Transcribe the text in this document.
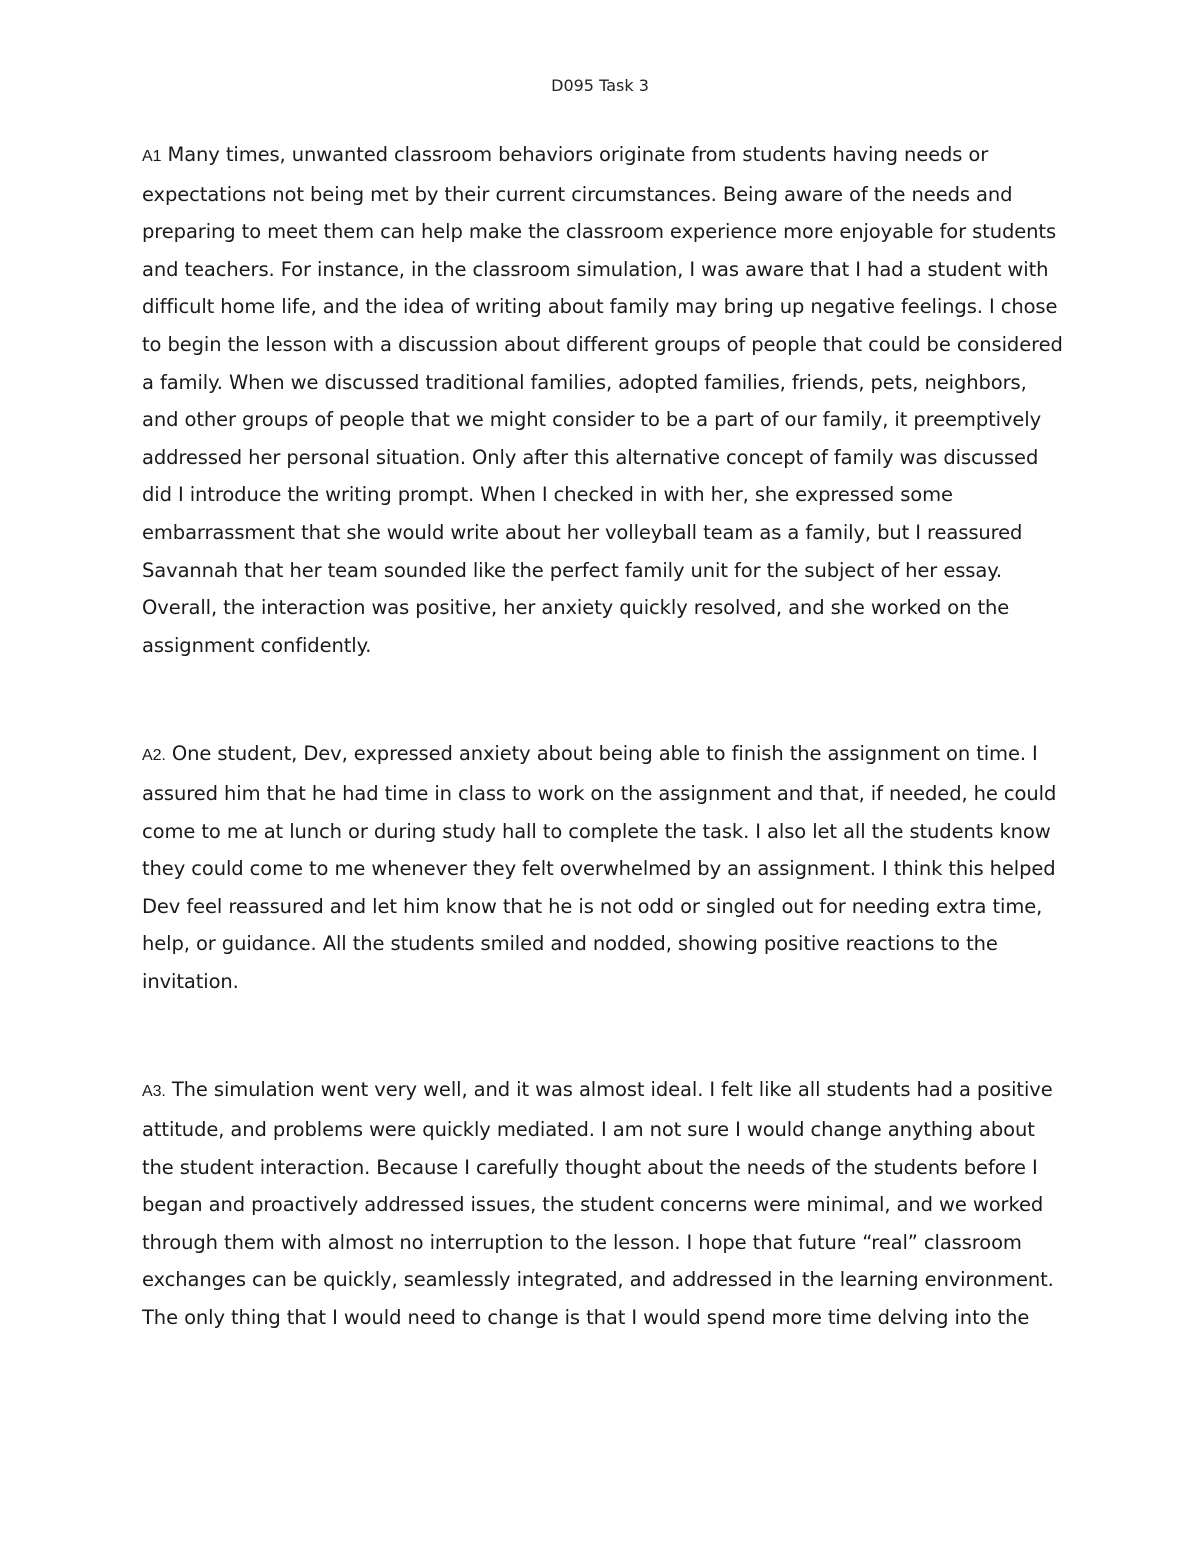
D095 Task 3

A1 Many times, unwanted classroom behaviors originate from students having needs or expectations not being met by their current circumstances. Being aware of the needs and preparing to meet them can help make the classroom experience more enjoyable for students and teachers. For instance, in the classroom simulation, I was aware that I had a student with difficult home life, and the idea of writing about family may bring up negative feelings. I chose to begin the lesson with a discussion about different groups of people that could be considered a family. When we discussed traditional families, adopted families, friends, pets, neighbors, and other groups of people that we might consider to be a part of our family, it preemptively addressed her personal situation. Only after this alternative concept of family was discussed did I introduce the writing prompt. When I checked in with her, she expressed some embarrassment that she would write about her volleyball team as a family, but I reassured Savannah that her team sounded like the perfect family unit for the subject of her essay. Overall, the interaction was positive, her anxiety quickly resolved, and she worked on the assignment confidently.

A2. One student, Dev, expressed anxiety about being able to finish the assignment on time. I assured him that he had time in class to work on the assignment and that, if needed, he could come to me at lunch or during study hall to complete the task. I also let all the students know they could come to me whenever they felt overwhelmed by an assignment. I think this helped Dev feel reassured and let him know that he is not odd or singled out for needing extra time, help, or guidance. All the students smiled and nodded, showing positive reactions to the invitation.

A3. The simulation went very well, and it was almost ideal. I felt like all students had a positive attitude, and problems were quickly mediated. I am not sure I would change anything about the student interaction. Because I carefully thought about the needs of the students before I began and proactively addressed issues, the student concerns were minimal, and we worked through them with almost no interruption to the lesson. I hope that future “real” classroom exchanges can be quickly, seamlessly integrated, and addressed in the learning environment. The only thing that I would need to change is that I would spend more time delving into the
